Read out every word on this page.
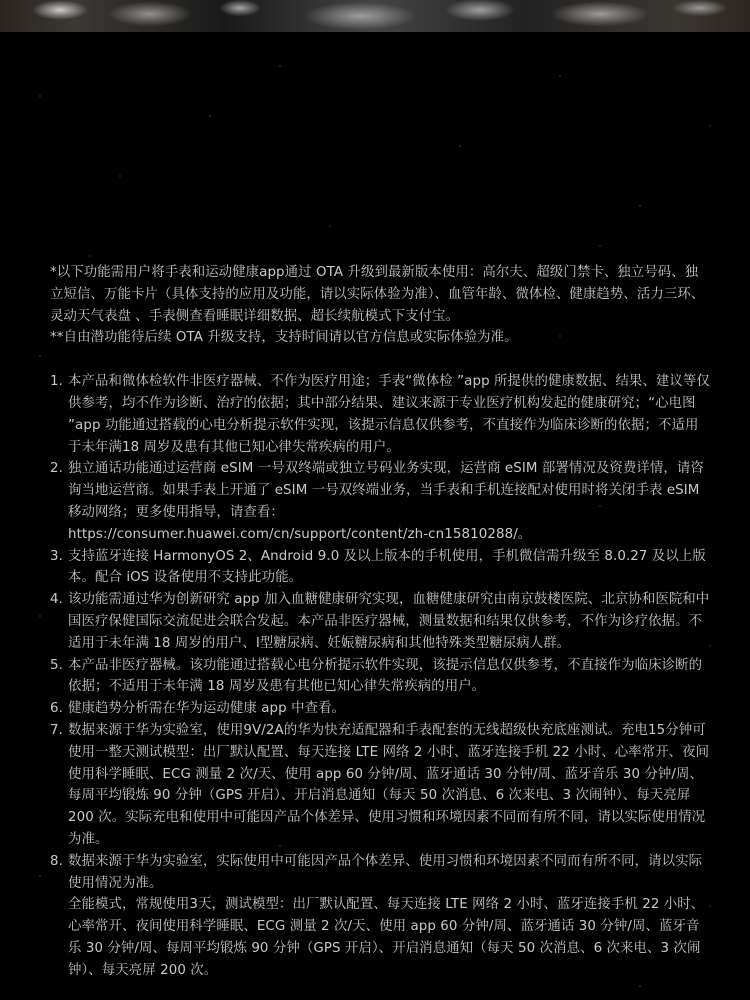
*以下功能需用户将手表和运动健康app通过 OTA 升级到最新版本使用：高尔夫、超级门禁卡、独立号码、独立短信、万能卡片（具体支持的应用及功能，请以实际体验为准）、血管年龄、微体检、健康趋势、活力三环、灵动天气表盘 、手表侧查看睡眠详细数据、超长续航模式下支付宝。

**自由潜功能待后续 OTA 升级支持，支持时间请以官方信息或实际体验为准。

1. 本产品和微体检软件非医疗器械、不作为医疗用途；手表“微体检 ”app 所提供的健康数据、结果、建议等仅供参考，均不作为诊断、治疗的依据；其中部分结果、建议来源于专业医疗机构发起的健康研究；“心电图 ”app 功能通过搭载的心电分析提示软件实现，该提示信息仅供参考，不直接作为临床诊断的依据；不适用于未年满18 周岁及患有其他已知心律失常疾病的用户。
2. 独立通话功能通过运营商 eSIM 一号双终端或独立号码业务实现，运营商 eSIM 部署情况及资费详情，请咨询当地运营商。如果手表上开通了 eSIM 一号双终端业务，当手表和手机连接配对使用时将关闭手表 eSIM 移动网络；更多使用指导，请查看：
https://consumer.huawei.com/cn/support/content/zh-cn15810288/。
3. 支持蓝牙连接 HarmonyOS 2、Android 9.0 及以上版本的手机使用，手机微信需升级至 8.0.27 及以上版本。配合 iOS 设备使用不支持此功能。
4. 该功能需通过华为创新研究 app 加入血糖健康研究实现，血糖健康研究由南京鼓楼医院、北京协和医院和中国医疗保健国际交流促进会联合发起。本产品非医疗器械，测量数据和结果仅供参考，不作为诊疗依据。不适用于未年满 18 周岁的用户、I型糖尿病、妊娠糖尿病和其他特殊类型糖尿病人群。
5. 本产品非医疗器械。该功能通过搭载心电分析提示软件实现，该提示信息仅供参考，不直接作为临床诊断的依据；不适用于未年满 18 周岁及患有其他已知心律失常疾病的用户。
6. 健康趋势分析需在华为运动健康 app 中查看。
7. 数据来源于华为实验室，使用9V/2A的华为快充适配器和手表配套的无线超级快充底座测试。充电15分钟可使用一整天测试模型：出厂默认配置、每天连接 LTE 网络 2 小时、蓝牙连接手机 22 小时、心率常开、夜间使用科学睡眠、ECG 测量 2 次/天、使用 app 60 分钟/周、蓝牙通话 30 分钟/周、蓝牙音乐 30 分钟/周、每周平均锻炼 90 分钟（GPS 开启）、开启消息通知（每天 50 次消息、6 次来电、3 次闹钟）、每天亮屏 200 次。实际充电和使用中可能因产品个体差异、使用习惯和环境因素不同而有所不同，请以实际使用情况为准。
8. 数据来源于华为实验室，实际使用中可能因产品个体差异、使用习惯和环境因素不同而有所不同，请以实际使用情况为准。
全能模式，常规使用3天，测试模型：出厂默认配置、每天连接 LTE 网络 2 小时、蓝牙连接手机 22 小时、心率常开、夜间使用科学睡眠、ECG 测量 2 次/天、使用 app 60 分钟/周、蓝牙通话 30 分钟/周、蓝牙音乐 30 分钟/周、每周平均锻炼 90 分钟（GPS 开启）、开启消息通知（每天 50 次消息、6 次来电、3 次闹钟）、每天亮屏 200 次。
